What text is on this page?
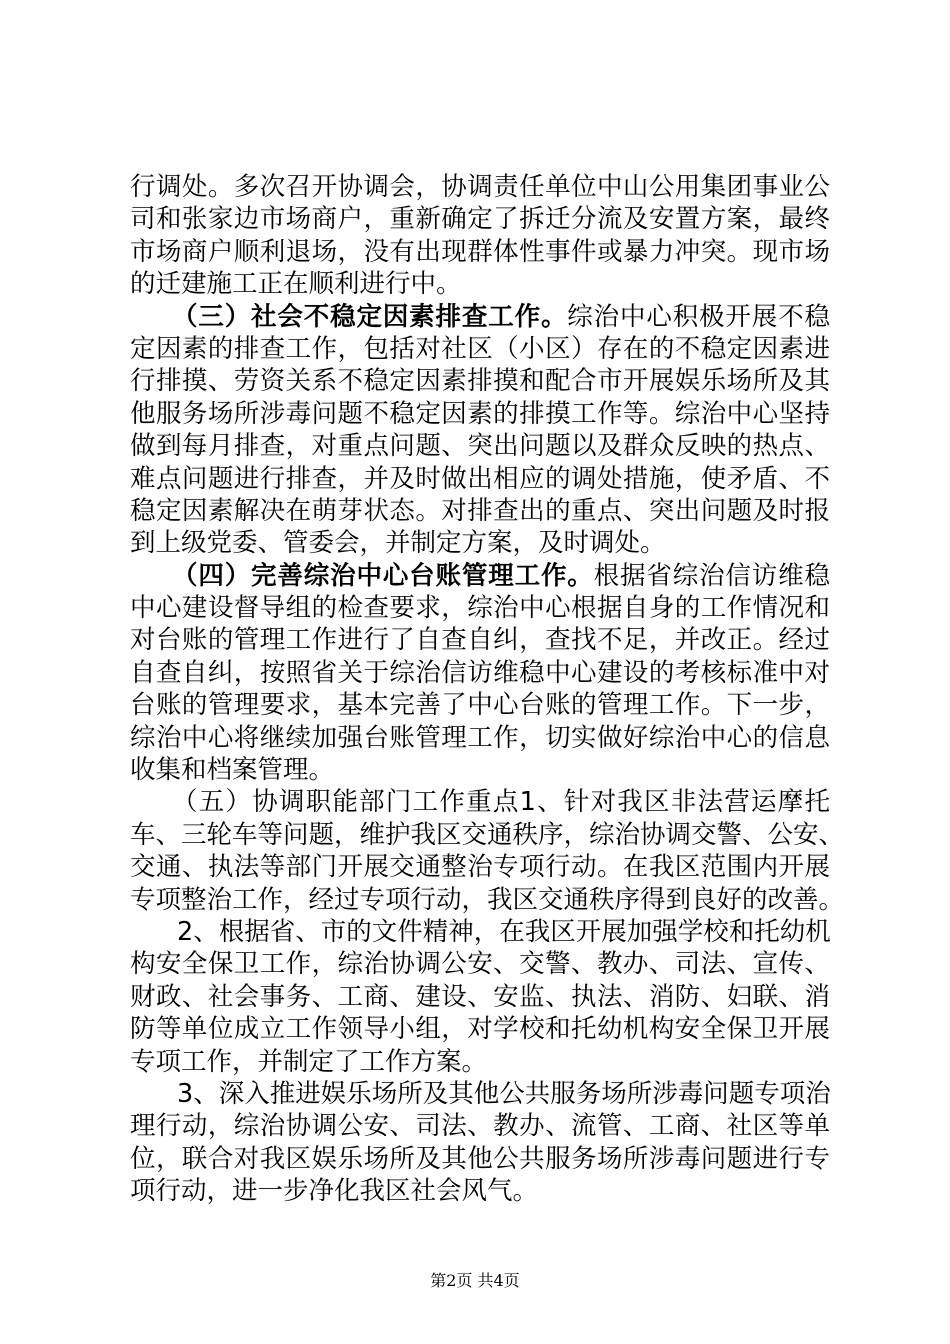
行调处。多次召开协调会，协调责任单位中山公用集团事业公
司和张家边市场商户，重新确定了拆迁分流及安置方案，最终
市场商户顺利退场，没有出现群体性事件或暴力冲突。现市场
的迁建施工正在顺利进行中。
（三）社会不稳定因素排查工作。综治中心积极开展不稳
定因素的排查工作，包括对社区（小区）存在的不稳定因素进
行排摸、劳资关系不稳定因素排摸和配合市开展娱乐场所及其
他服务场所涉毒问题不稳定因素的排摸工作等。综治中心坚持
做到每月排查，对重点问题、突出问题以及群众反映的热点、
难点问题进行排查，并及时做出相应的调处措施，使矛盾、不
稳定因素解决在萌芽状态。对排查出的重点、突出问题及时报
到上级党委、管委会，并制定方案，及时调处。
（四）完善综治中心台账管理工作。根据省综治信访维稳
中心建设督导组的检查要求，综治中心根据自身的工作情况和
对台账的管理工作进行了自查自纠，查找不足，并改正。经过
自查自纠，按照省关于综治信访维稳中心建设的考核标准中对
台账的管理要求，基本完善了中心台账的管理工作。下一步，
综治中心将继续加强台账管理工作，切实做好综治中心的信息
收集和档案管理。
（五）协调职能部门工作重点1、针对我区非法营运摩托
车、三轮车等问题，维护我区交通秩序，综治协调交警、公安、
交通、执法等部门开展交通整治专项行动。在我区范围内开展
专项整治工作，经过专项行动，我区交通秩序得到良好的改善。
2、根据省、市的文件精神，在我区开展加强学校和托幼机
构安全保卫工作，综治协调公安、交警、教办、司法、宣传、
财政、社会事务、工商、建设、安监、执法、消防、妇联、消
防等单位成立工作领导小组，对学校和托幼机构安全保卫开展
专项工作，并制定了工作方案。
3、深入推进娱乐场所及其他公共服务场所涉毒问题专项治
理行动，综治协调公安、司法、教办、流管、工商、社区等单
位，联合对我区娱乐场所及其他公共服务场所涉毒问题进行专
项行动，进一步净化我区社会风气。
第2页 共4页
